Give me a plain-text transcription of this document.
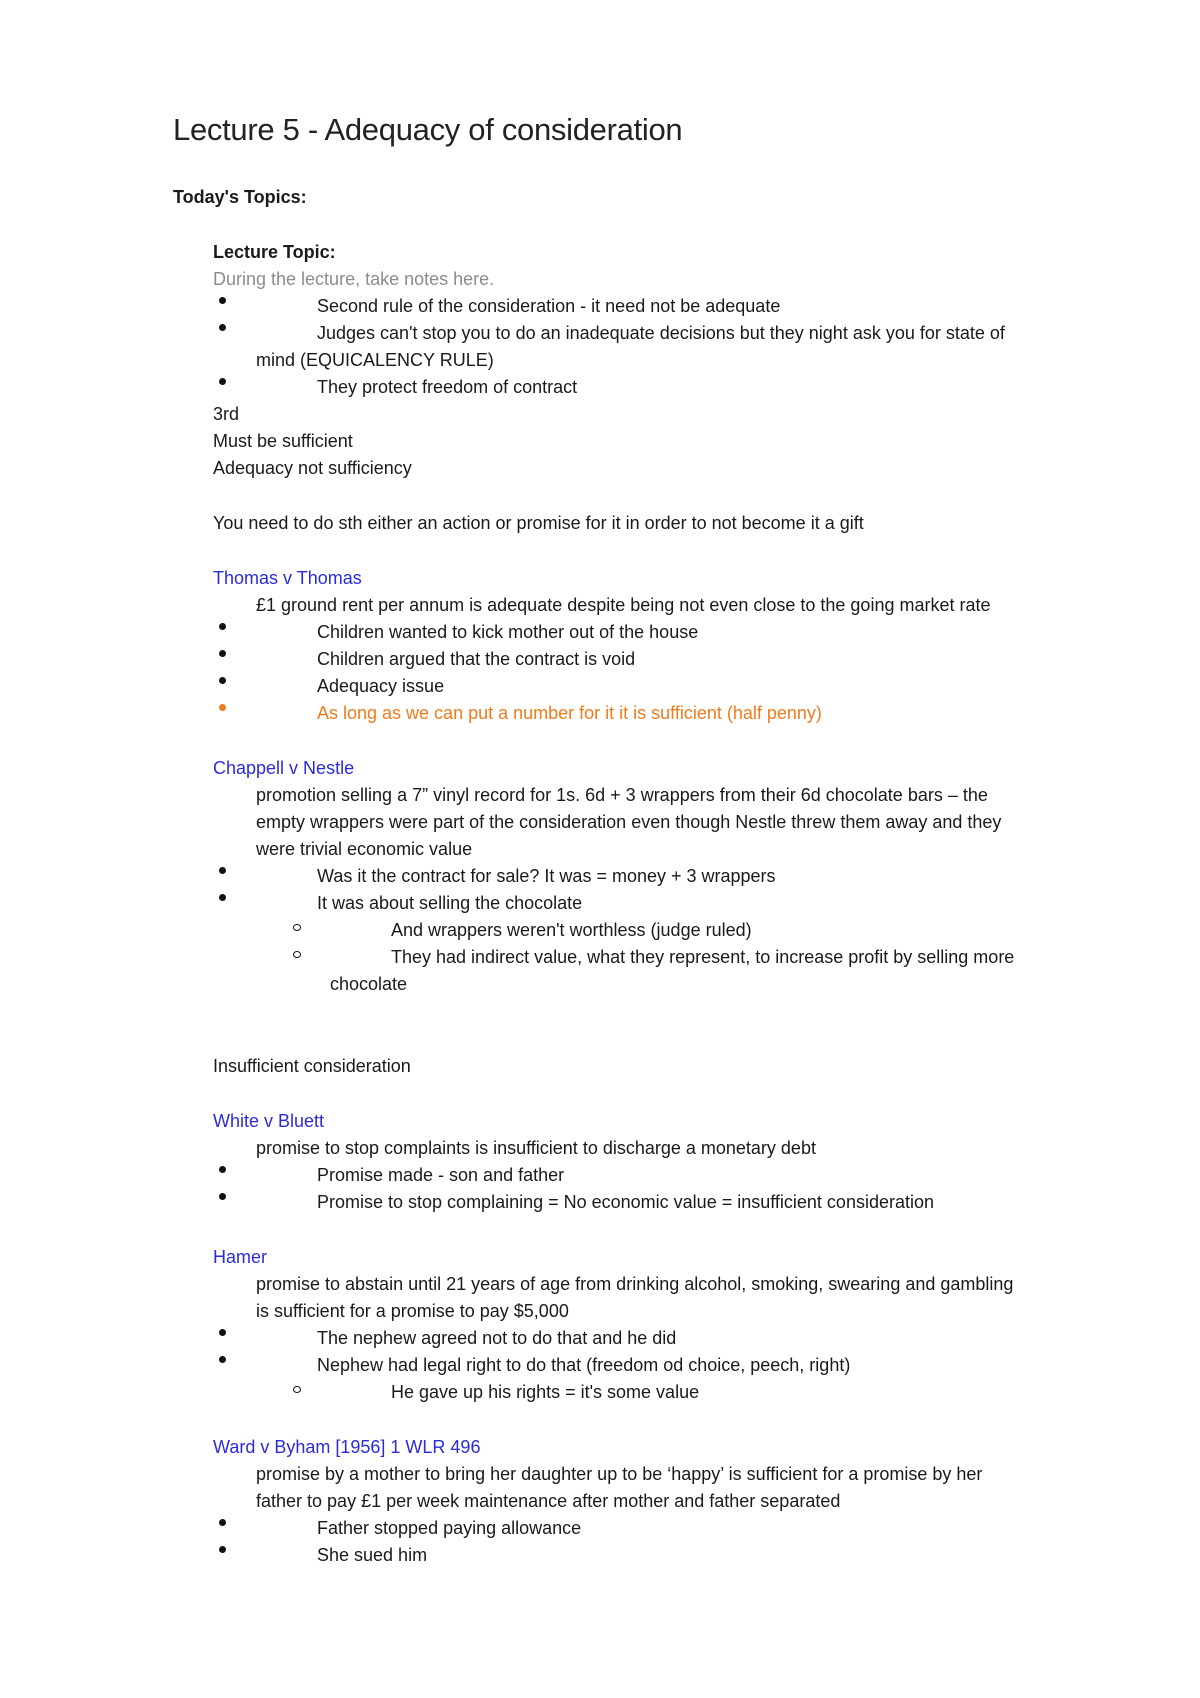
Lecture 5 - Adequacy of consideration
Today's Topics:
Lecture Topic:
During the lecture, take notes here.
Second rule of the consideration - it need not be adequate
Judges can't stop you to do an inadequate decisions but they night ask you for state of
mind (EQUICALENCY RULE)
They protect freedom of contract
3rd
Must be sufficient
Adequacy not sufficiency
You need to do sth either an action or promise for it in order to not become it a gift
Thomas v Thomas
£1 ground rent per annum is adequate despite being not even close to the going market rate
Children wanted to kick mother out of the house
Children argued that the contract is void
Adequacy issue
As long as we can put a number for it it is sufficient (half penny)
Chappell v Nestle
promotion selling a 7” vinyl record for 1s. 6d + 3 wrappers from their 6d chocolate bars – the
empty wrappers were part of the consideration even though Nestle threw them away and they
were trivial economic value
Was it the contract for sale? It was = money + 3 wrappers
It was about selling the chocolate
And wrappers weren't worthless (judge ruled)
They had indirect value, what they represent, to increase profit by selling more
chocolate
Insufficient consideration
White v Bluett
promise to stop complaints is insufficient to discharge a monetary debt
Promise made - son and father
Promise to stop complaining = No economic value = insufficient consideration
Hamer
promise to abstain until 21 years of age from drinking alcohol, smoking, swearing and gambling
is sufficient for a promise to pay $5,000
The nephew agreed not to do that and he did
Nephew had legal right to do that (freedom od choice, peech, right)
He gave up his rights = it's some value
Ward v Byham [1956] 1 WLR 496
promise by a mother to bring her daughter up to be ‘happy’ is sufficient for a promise by her
father to pay £1 per week maintenance after mother and father separated
Father stopped paying allowance
She sued him
